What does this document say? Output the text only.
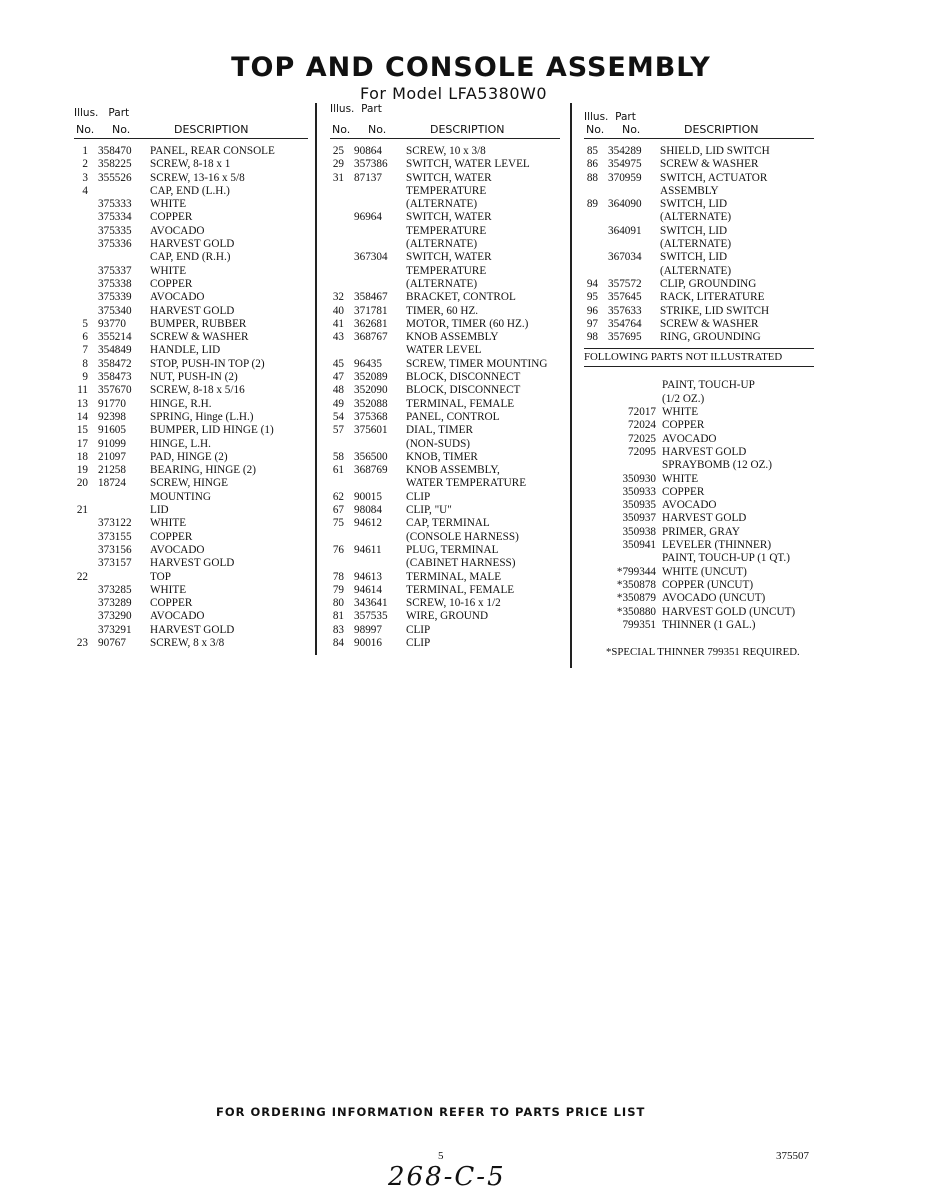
TOP AND CONSOLE ASSEMBLY
For Model LFA5380W0
Illus. Part
No. No.	DESCRIPTION
1 358470 PANEL, REAR CONSOLE
2 358225 SCREW, 8-18 x 1
3 355526 SCREW, 13-16 x 5/8
4	CAP, END (L.H.)
375333 WHITE
375334 COPPER
375335 AVOCADO
375336 HARVEST GOLD
CAP, END (R.H.)
375337 WHITE
375338 COPPER
375339 AVOCADO
375340 HARVEST GOLD
5 93770 BUMPER, RUBBER
6 355214 SCREW & WASHER
7 354849 HANDLE, LID
8 358472 STOP, PUSH-IN TOP (2)
9 358473 NUT, PUSH-IN (2)
11 357670 SCREW, 8-18 x 5/16
13 91770 HINGE, R.H.
14 92398 SPRING, Hinge (L.H.)
15 91605 BUMPER, LID HINGE (1)
17 91099 HINGE, L.H.
18 21097 PAD, HINGE (2)
19 21258 BEARING, HINGE (2)
20 18724 SCREW, HINGE
MOUNTING
21	LID
373122 WHITE
373155 COPPER
373156 AVOCADO
373157 HARVEST GOLD
22	TOP
373285 WHITE
373289 COPPER
373290 AVOCADO
373291 HARVEST GOLD
23 90767 SCREW, 8 x 3/8
Illus. Part
No. No.	DESCRIPTION
25 90864 SCREW, 10 x 3/8
29 357386 SWITCH, WATER LEVEL
31 87137 SWITCH, WATER
TEMPERATURE
(ALTERNATE)
96964 SWITCH, WATER
TEMPERATURE
(ALTERNATE)
367304 SWITCH, WATER
TEMPERATURE
(ALTERNATE)
32 358467 BRACKET, CONTROL
40 371781 TIMER, 60 HZ.
41 362681 MOTOR, TIMER (60 HZ.)
43 368767 KNOB ASSEMBLY
WATER LEVEL
45 96435 SCREW, TIMER MOUNTING
47 352089 BLOCK, DISCONNECT
48 352090 BLOCK, DISCONNECT
49 352088 TERMINAL, FEMALE
54 375368 PANEL, CONTROL
57 375601 DIAL, TIMER
(NON-SUDS)
58 356500 KNOB, TIMER
61 368769 KNOB ASSEMBLY,
WATER TEMPERATURE
62 90015 CLIP
67 98084 CLIP, "U"
75 94612 CAP, TERMINAL
(CONSOLE HARNESS)
76 94611 PLUG, TERMINAL
(CABINET HARNESS)
78 94613 TERMINAL, MALE
79 94614 TERMINAL, FEMALE
80 343641 SCREW, 10-16 x 1/2
81 357535 WIRE, GROUND
83 98997 CLIP
84 90016 CLIP
Illus. Part
No. No.	DESCRIPTION
85 354289 SHIELD, LID SWITCH
86 354975 SCREW & WASHER
88 370959 SWITCH, ACTUATOR
ASSEMBLY
89 364090 SWITCH, LID
(ALTERNATE)
364091 SWITCH, LID
(ALTERNATE)
367034 SWITCH, LID
(ALTERNATE)
94 357572 CLIP, GROUNDING
95 357645 RACK, LITERATURE
96 357633 STRIKE, LID SWITCH
97 354764 SCREW & WASHER
98 357695 RING, GROUNDING
FOLLOWING PARTS NOT ILLUSTRATED
PAINT, TOUCH-UP
(1/2 OZ.)
72017 WHITE
72024 COPPER
72025 AVOCADO
72095 HARVEST GOLD
SPRAYBOMB (12 OZ.)
350930 WHITE
350933 COPPER
350935 AVOCADO
350937 HARVEST GOLD
350938 PRIMER, GRAY
350941 LEVELER (THINNER)
PAINT, TOUCH-UP (1 QT.)
*799344 WHITE (UNCUT)
*350878 COPPER (UNCUT)
*350879 AVOCADO (UNCUT)
*350880 HARVEST GOLD (UNCUT)
799351 THINNER (1 GAL.)
*SPECIAL THINNER 799351 REQUIRED.
FOR ORDERING INFORMATION REFER TO PARTS PRICE LIST
5	375507
268-C-5
